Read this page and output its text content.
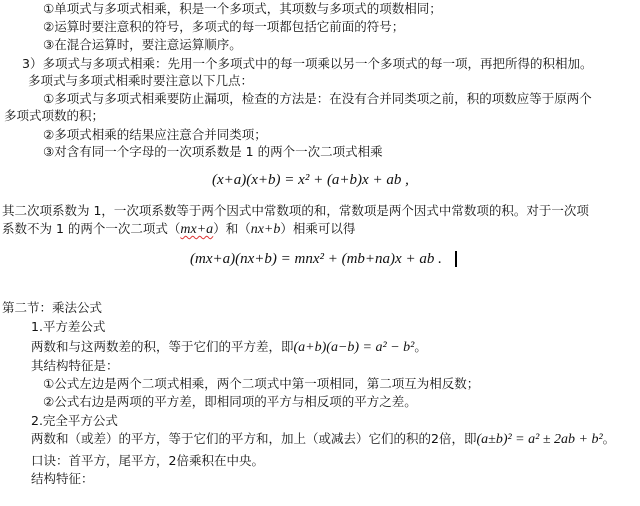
①单项式与多项式相乘，积是一个多项式，其项数与多项式的项数相同；
②运算时要注意积的符号，多项式的每一项都包括它前面的符号；
③在混合运算时，要注意运算顺序。
3）多项式与多项式相乘：先用一个多项式中的每一项乘以另一个多项式的每一项，再把所得的积相加。
多项式与多项式相乘时要注意以下几点：
①多项式与多项式相乘要防止漏项，检查的方法是：在没有合并同类项之前，积的项数应等于原两个
多项式项数的积；
②多项式相乘的结果应注意合并同类项；
③对含有同一个字母的一次项系数是 1 的两个一次二项式相乘
(x+a)(x+b) = x² + (a+b)x + ab ,
其二次项系数为 1，一次项系数等于两个因式中常数项的和，常数项是两个因式中常数项的积。对于一次项
系数不为 1 的两个一次二项式（mx+a）和（nx+b）相乘可以得
(mx+a)(nx+b) = mnx² + (mb+na)x + ab .
第二节：乘法公式
1.平方差公式
两数和与这两数差的积，等于它们的平方差，即(a+b)(a−b) = a² − b²。
其结构特征是：
①公式左边是两个二项式相乘，两个二项式中第一项相同，第二项互为相反数；
②公式右边是两项的平方差，即相同项的平方与相反项的平方之差。
2.完全平方公式
两数和（或差）的平方，等于它们的平方和，加上（或减去）它们的积的2倍，即(a±b)² = a² ± 2ab + b²。
口诀：首平方，尾平方，2倍乘积在中央。
结构特征：
